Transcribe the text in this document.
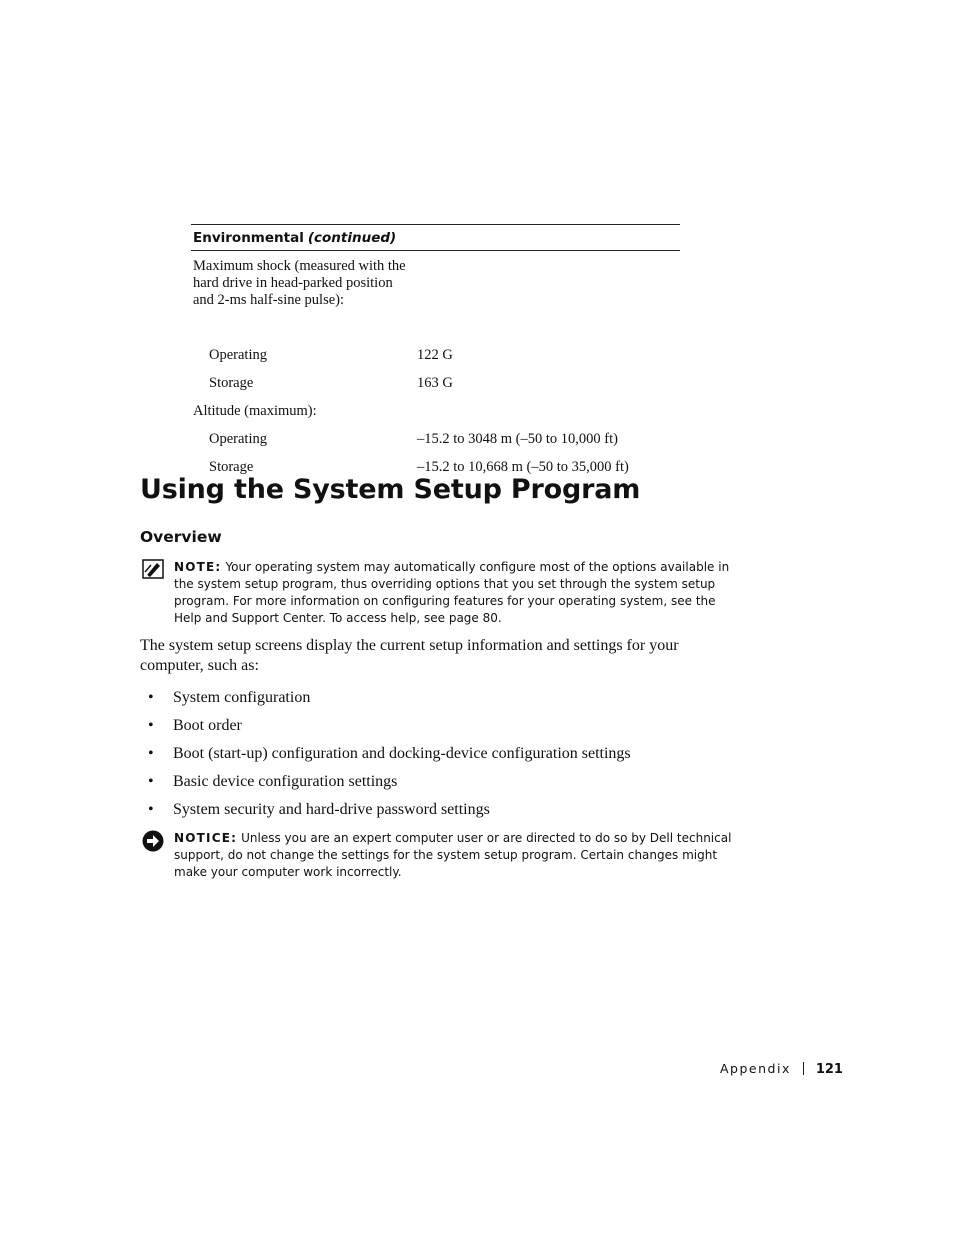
Environmental (continued)
Maximum shock (measured with the hard drive in head-parked position and 2-ms half-sine pulse):
Operating	122 G
Storage	163 G
Altitude (maximum):
Operating	–15.2 to 3048 m (–50 to 10,000 ft)
Storage	–15.2 to 10,668 m (–50 to 35,000 ft)
Using the System Setup Program
Overview
NOTE: Your operating system may automatically configure most of the options available in the system setup program, thus overriding options that you set through the system setup program. For more information on configuring features for your operating system, see the Help and Support Center. To access help, see page 80.

The system setup screens display the current setup information and settings for your computer, such as:

• System configuration
• Boot order
• Boot (start-up) configuration and docking-device configuration settings
• Basic device configuration settings
• System security and hard-drive password settings
NOTICE: Unless you are an expert computer user or are directed to do so by Dell technical support, do not change the settings for the system setup program. Certain changes might make your computer work incorrectly.
Appendix 121
